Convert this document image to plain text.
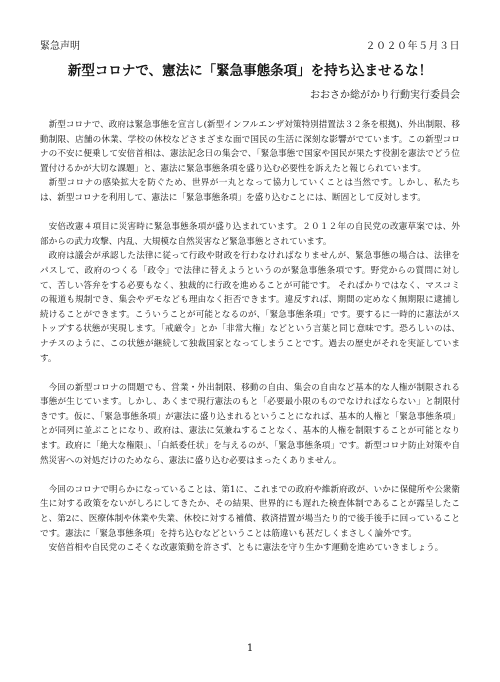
緊急声明	２０２０年５月３日
新型コロナで、憲法に「緊急事態条項」を持ち込ませるな！
おおさか総がかり行動実行委員会

新型コロナで、政府は緊急事態を宣言し(新型インフルエンザ対策特別措置法３２条を根拠)、外出制限、移動制限、店舗の休業、学校の休校などさまざまな面で国民の生活に深刻な影響がでています。この新型コロナの不安に便乗して安倍首相は、憲法記念日の集会で、「緊急事態で国家や国民が果たす役割を憲法でどう位置付けるかが大切な課題」と、憲法に緊急事態条項を盛り込む必要性を訴えたと報じられています。

新型コロナの感染拡大を防ぐため、世界が一丸となって協力していくことは当然です。しかし、私たちは、新型コロナを利用して、憲法に「緊急事態条項」を盛り込むことには、断固として反対します。

安倍改憲４項目に災害時に緊急事態条項が盛り込まれています。２０１２年の自民党の改憲草案では、外部からの武力攻撃、内乱、大規模な自然災害など緊急事態とされています。

政府は議会が承認した法律に従って行政や財政を行わなければなりませんが、緊急事態の場合は、法律をパスして、政府のつくる「政令」で法律に替えようというのが緊急事態条項です。野党からの質問に対して、苦しい答弁をする必要もなく、独裁的に行政を進めることが可能です。 それぱかりではなく、マスコミの報道も規制でき、集会やデモなども理由なく拒否できます。違反すれば、期間の定めなく無期限に逮捕し続けることができます。こういうことが可能となるのが、「緊急事態条項」です。要するに一時的に憲法がストップする状態が実現します。「戒厳令」とか「非常大権」などという言葉と同じ意味です。恐ろしいのは、ナチスのように、この状態が継続して独裁国家となってしまうことです。過去の歴史がそれを実証しています。

今回の新型コロナの問題でも、営業・外出制限、移動の自由、集会の自由など基本的な人権が制限される事態が生じています。しかし、あくまで現行憲法のもと「必要最小限のものでなければならない」と制限付きです。仮に、「緊急事態条項」が憲法に盛り込まれるということになれば、基本的人権と「緊急事態条項」とが同列に並ぶことになり、政府は、憲法に気兼ねすることなく、基本的人権を制限することが可能となります。政府に「絶大な権限」、「白紙委任状」を与えるのが、「緊急事態条項」です。新型コロナ防止対策や自然災害への対処だけのためなら、憲法に盛り込む必要はまったくありません。

今回のコロナで明らかになっていることは、第1に、これまでの政府や維新府政が、いかに保健所や公衆衛生に対する政策をないがしろにしてきたか、その結果、世界的にも遅れた検査体制であることが露呈したこと、第2に、医療体制や休業や失業、休校に対する補償、救済措置が場当たり的で後手後手に回っていることです。憲法に「緊急事態条項」を持ち込むなどということは筋違いも甚だしくまさしく論外です。

安倍首相や自民党のこそくな改憲策動を許さず、ともに憲法を守り生かす運動を進めていきましょう。

1
